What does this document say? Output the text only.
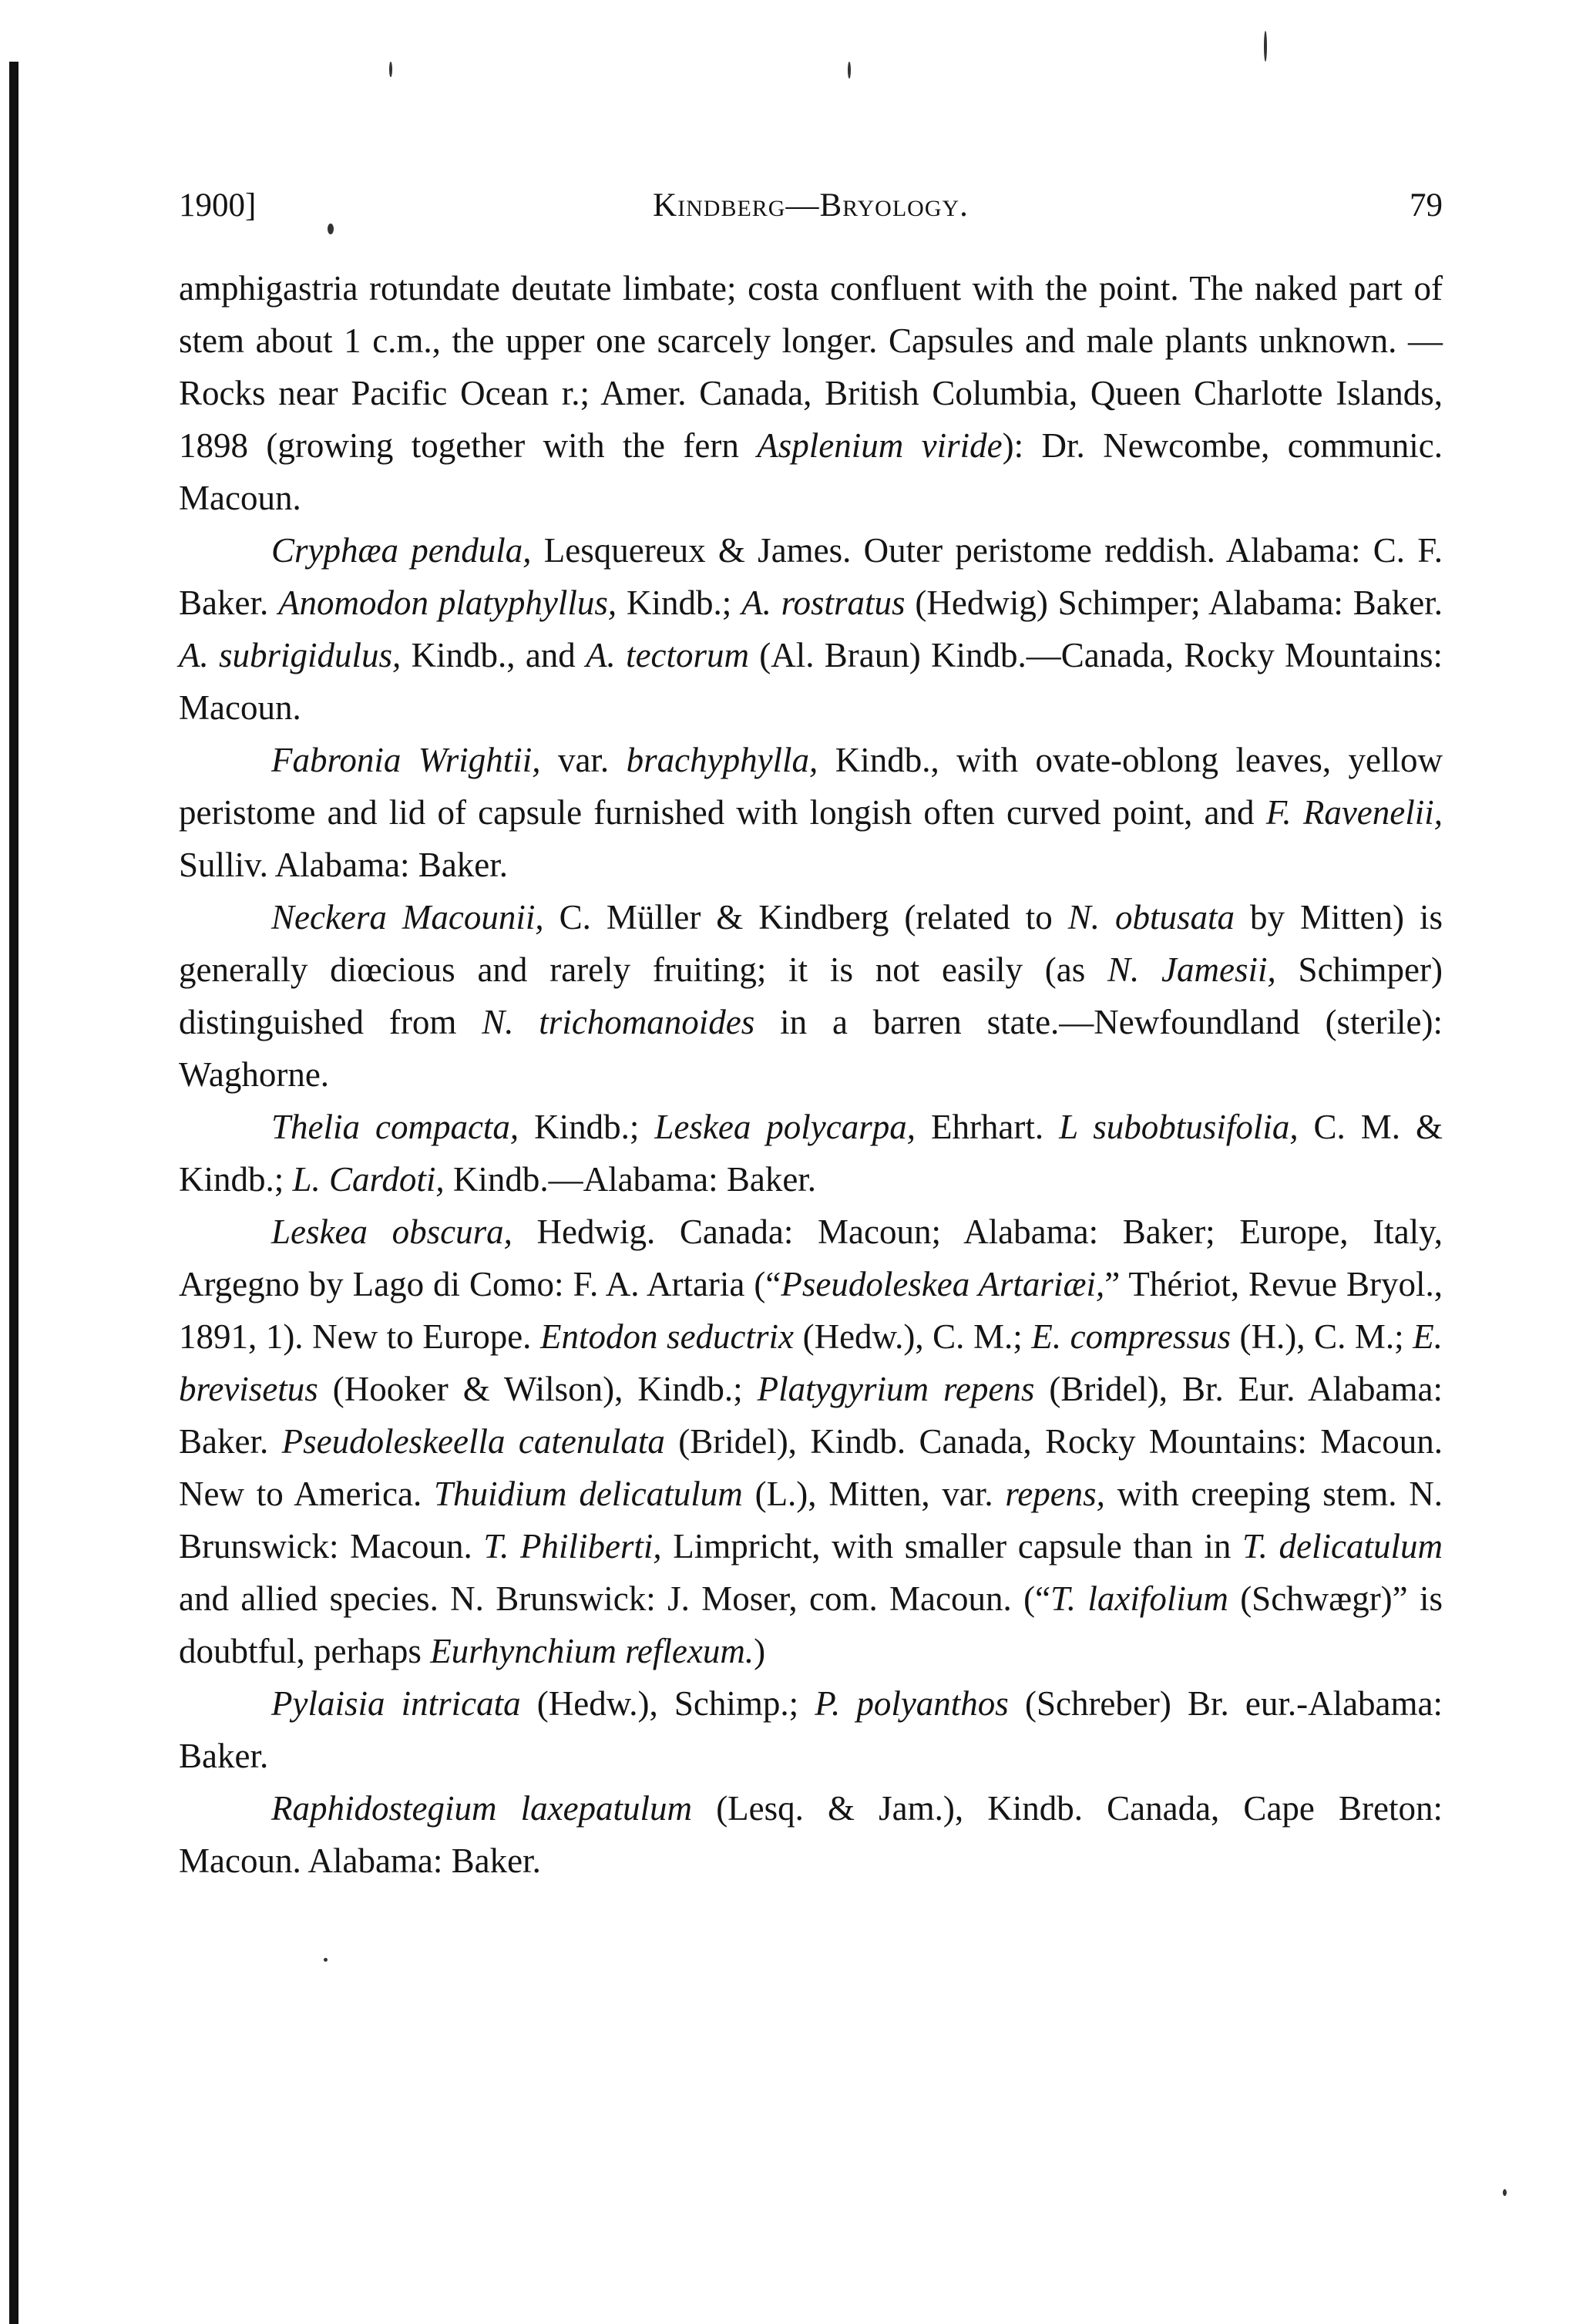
1900]	Kindberg—Bryology.	79

amphigastria rotundate deutate limbate; costa confluent with the point. The naked part of stem about 1 c.m., the upper one scarcely longer. Capsules and male plants unknown. —Rocks near Pacific Ocean r.; Amer. Canada, British Columbia, Queen Charlotte Islands, 1898 (growing together with the fern Asplenium viride): Dr. Newcombe, communic. Macoun.

Cryphæa pendula, Lesquereux & James. Outer peristome reddish. Alabama: C. F. Baker. Anomodon platyphyllus, Kindb.; A. rostratus (Hedwig) Schimper; Alabama: Baker. A. subrigidulus, Kindb., and A. tectorum (Al. Braun) Kindb.—Canada, Rocky Mountains: Macoun.

Fabronia Wrightii, var. brachyphylla, Kindb., with ovate-oblong leaves, yellow peristome and lid of capsule furnished with longish often curved point, and F. Ravenelii, Sulliv. Alabama: Baker.

Neckera Macounii, C. Müller & Kindberg (related to N. obtusata by Mitten) is generally diœcious and rarely fruiting; it is not easily (as N. Jamesii, Schimper) distinguished from N. trichomanoides in a barren state.—Newfoundland (sterile): Waghorne.

Thelia compacta, Kindb.; Leskea polycarpa, Ehrhart. L subobtusifolia, C. M. & Kindb.; L. Cardoti, Kindb.—Alabama: Baker.

Leskea obscura, Hedwig. Canada: Macoun; Alabama: Baker; Europe, Italy, Argegno by Lago di Como: F. A. Artaria (“Pseudoleskea Artariæi,” Thériot, Revue Bryol., 1891, 1). New to Europe. Entodon seductrix (Hedw.), C. M.; E. compressus (H.), C. M.; E. brevisetus (Hooker & Wilson), Kindb.; Platygyrium repens (Bridel), Br. Eur. Alabama: Baker. Pseudoleskeella catenulata (Bridel), Kindb. Canada, Rocky Mountains: Macoun. New to America. Thuidium delicatulum (L.), Mitten, var. repens, with creeping stem. N. Brunswick: Macoun. T. Philiberti, Limpricht, with smaller capsule than in T. delicatulum and allied species. N. Brunswick: J. Moser, com. Macoun. (“T. laxifolium (Schwægr)” is doubtful, perhaps Eurhynchium reflexum.)

Pylaisia intricata (Hedw.), Schimp.; P. polyanthos (Schreber) Br. eur.-Alabama: Baker.

Raphidostegium laxepatulum (Lesq. & Jam.), Kindb. Canada, Cape Breton: Macoun. Alabama: Baker.
